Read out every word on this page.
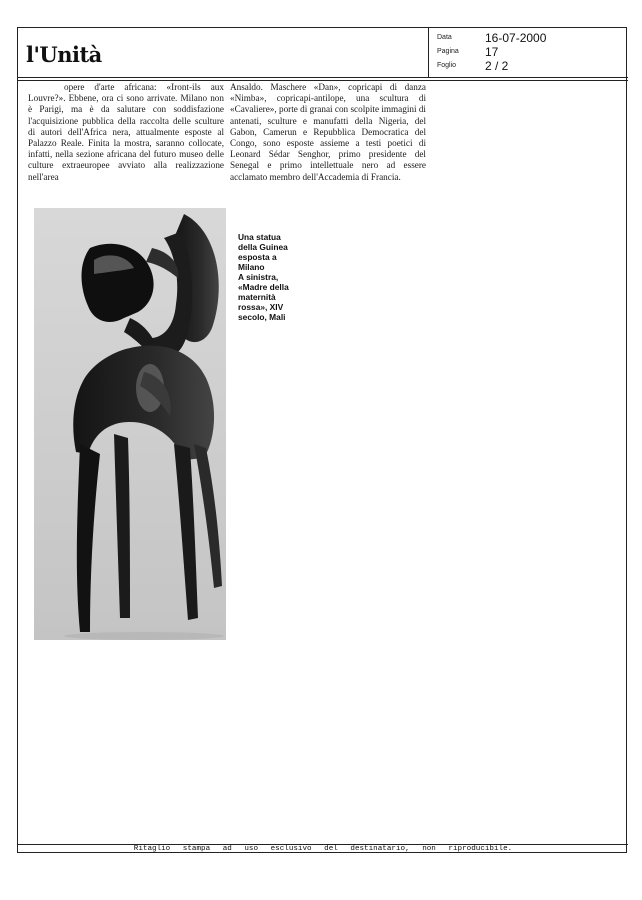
l'Unità
Data	16-07-2000
Pagina 17
Foglio 2 / 2

opere d'arte africana: «Iront-ils aux Louvre?». Ebbene, ora ci sono arrivate. Milano non è Parigi, ma è da salutare con soddisfazione l'acquisizione pubblica della raccolta delle sculture di autori dell'Africa nera, attualmente esposte al Palazzo Reale. Finita la mostra, saranno collocate, infatti, nella sezione africana del futuro museo delle culture extraeuropee avviato alla realizzazione nell'area

Ansaldo. Maschere «Dan», copricapi di danza «Nimba», copricapi-antilope, una scultura di «Cavaliere», porte di granai con scolpite immagini di antenati, sculture e manufatti della Nigeria, del Gabon, Camerun e Repubblica Democratica del Congo, sono esposte assieme a testi poetici di Leonard Sédar Senghor, primo presidente del Senegal e primo intellettuale nero ad essere acclamato membro dell'Accademia di Francia.

Una statua
della Guinea
esposta a
Milano
A sinistra,
«Madre della
maternità
rossa», XIV
secolo, Mali
Ritaglio stampa ad uso esclusivo del destinatario, non riproducibile.
